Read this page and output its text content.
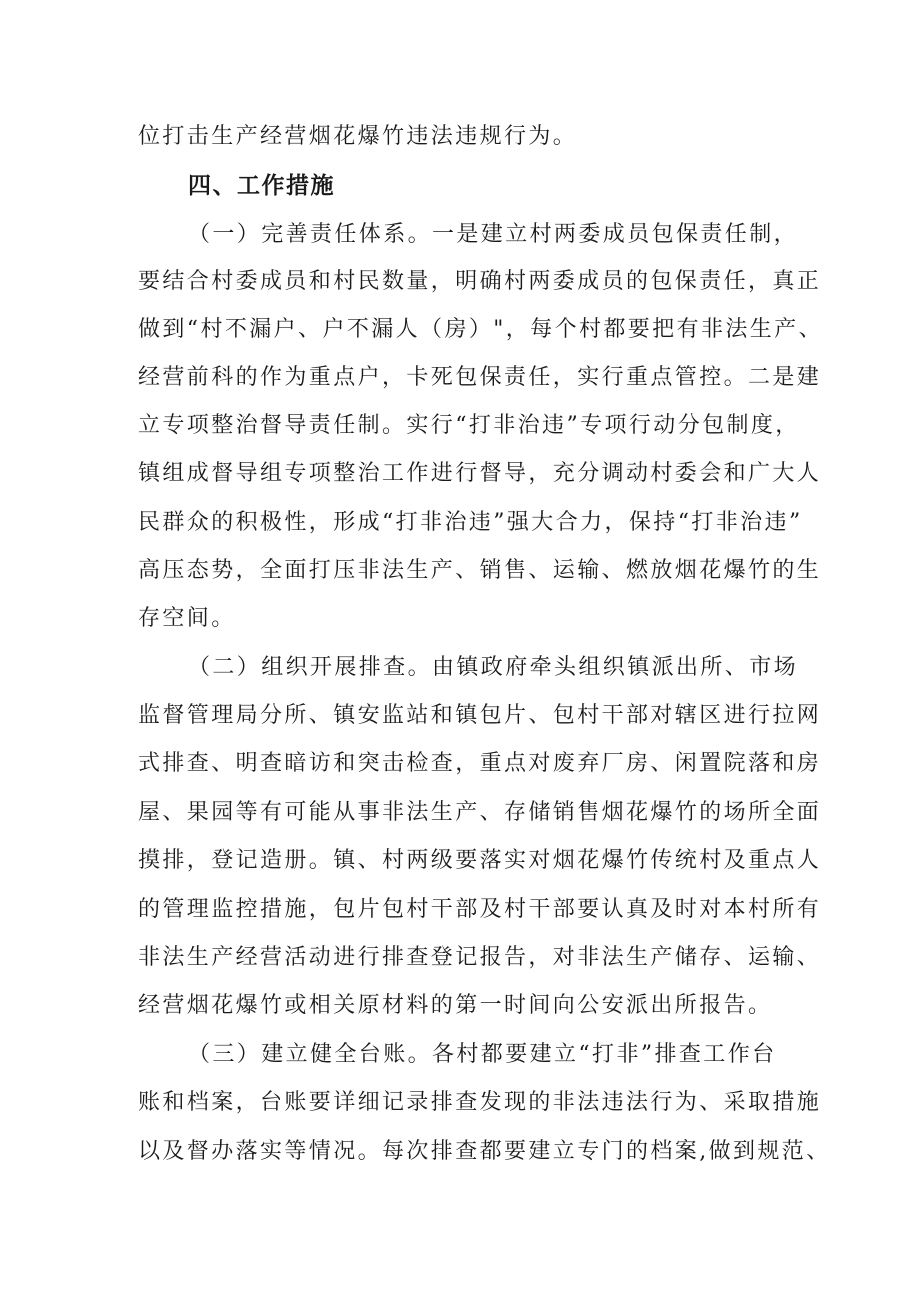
位打击生产经营烟花爆竹违法违规行为。
四、工作措施
（一）完善责任体系。一是建立村两委成员包保责任制，
要结合村委成员和村民数量，明确村两委成员的包保责任，真正
做到“村不漏户、户不漏人（房）"，每个村都要把有非法生产、
经营前科的作为重点户，卡死包保责任，实行重点管控。二是建
立专项整治督导责任制。实行“打非治违”专项行动分包制度，
镇组成督导组专项整治工作进行督导，充分调动村委会和广大人
民群众的积极性，形成“打非治违”强大合力，保持“打非治违”
高压态势，全面打压非法生产、销售、运输、燃放烟花爆竹的生
存空间。
（二）组织开展排查。由镇政府牵头组织镇派出所、市场
监督管理局分所、镇安监站和镇包片、包村干部对辖区进行拉网
式排查、明查暗访和突击检查，重点对废弃厂房、闲置院落和房
屋、果园等有可能从事非法生产、存储销售烟花爆竹的场所全面
摸排，登记造册。镇、村两级要落实对烟花爆竹传统村及重点人
的管理监控措施，包片包村干部及村干部要认真及时对本村所有
非法生产经营活动进行排查登记报告，对非法生产储存、运输、
经营烟花爆竹或相关原材料的第一时间向公安派出所报告。
（三）建立健全台账。各村都要建立“打非”排查工作台
账和档案，台账要详细记录排查发现的非法违法行为、采取措施
以及督办落实等情况。每次排查都要建立专门的档案,做到规范、
